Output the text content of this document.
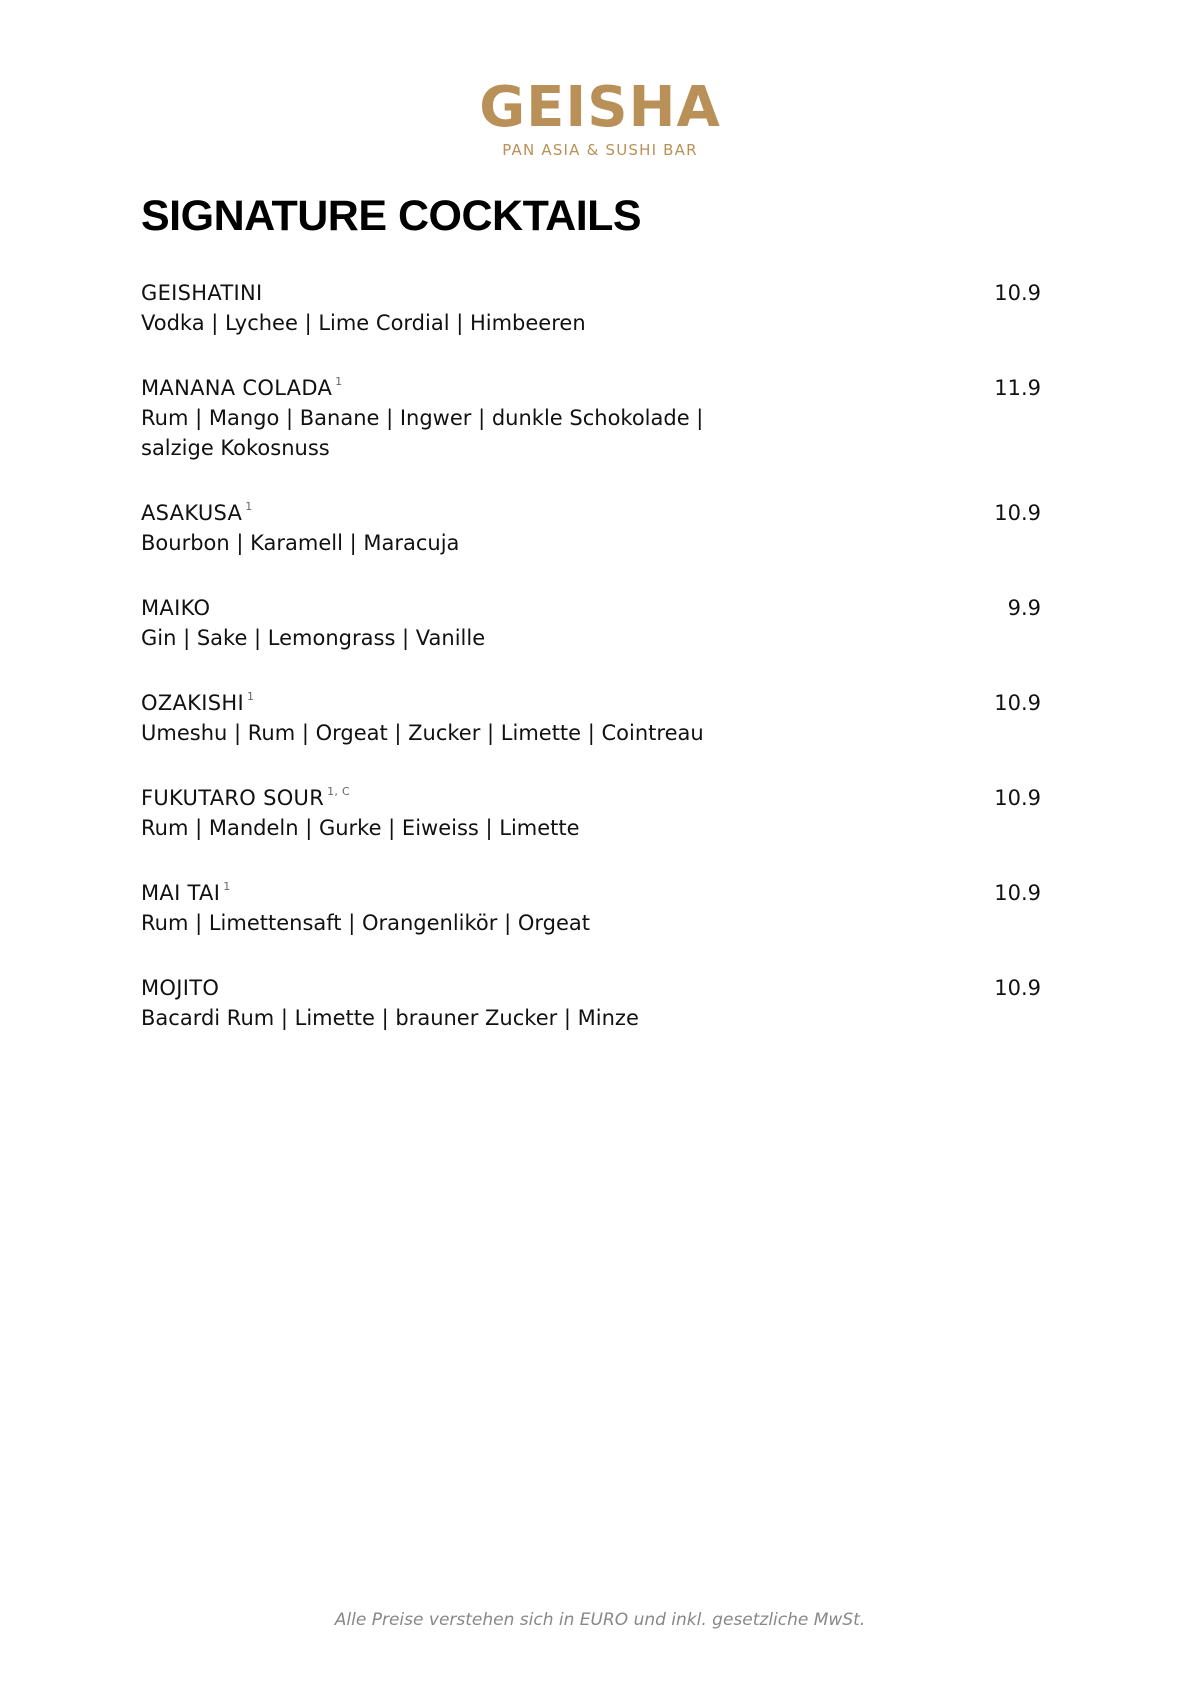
GEISHA
PAN ASIA & SUSHI BAR
SIGNATURE COCKTAILS
GEISHATINI
Vodka | Lychee | Lime Cordial | Himbeeren
10.9
MANANA COLADA $^1$
Rum | Mango | Banane | Ingwer | dunkle Schokolade | salzige Kokosnuss
11.9
ASAKUSA $^1$
Bourbon | Karamell | Maracuja
10.9
MAIKO
Gin | Sake | Lemongrass | Vanille
9.9
OZAKISHI $^1$
Umeshu | Rum | Orgeat | Zucker | Limette | Cointreau
10.9
FUKUTARO SOUR $^{1, C}$
Rum | Mandeln | Gurke | Eiweiss | Limette
10.9
MAI TAI $^1$
Rum | Limettensaft | Orangenlikör | Orgeat
10.9
MOJITO
Bacardi Rum | Limette | brauner Zucker | Minze
10.9
Alle Preise verstehen sich in EURO und inkl. gesetzliche MwSt.
